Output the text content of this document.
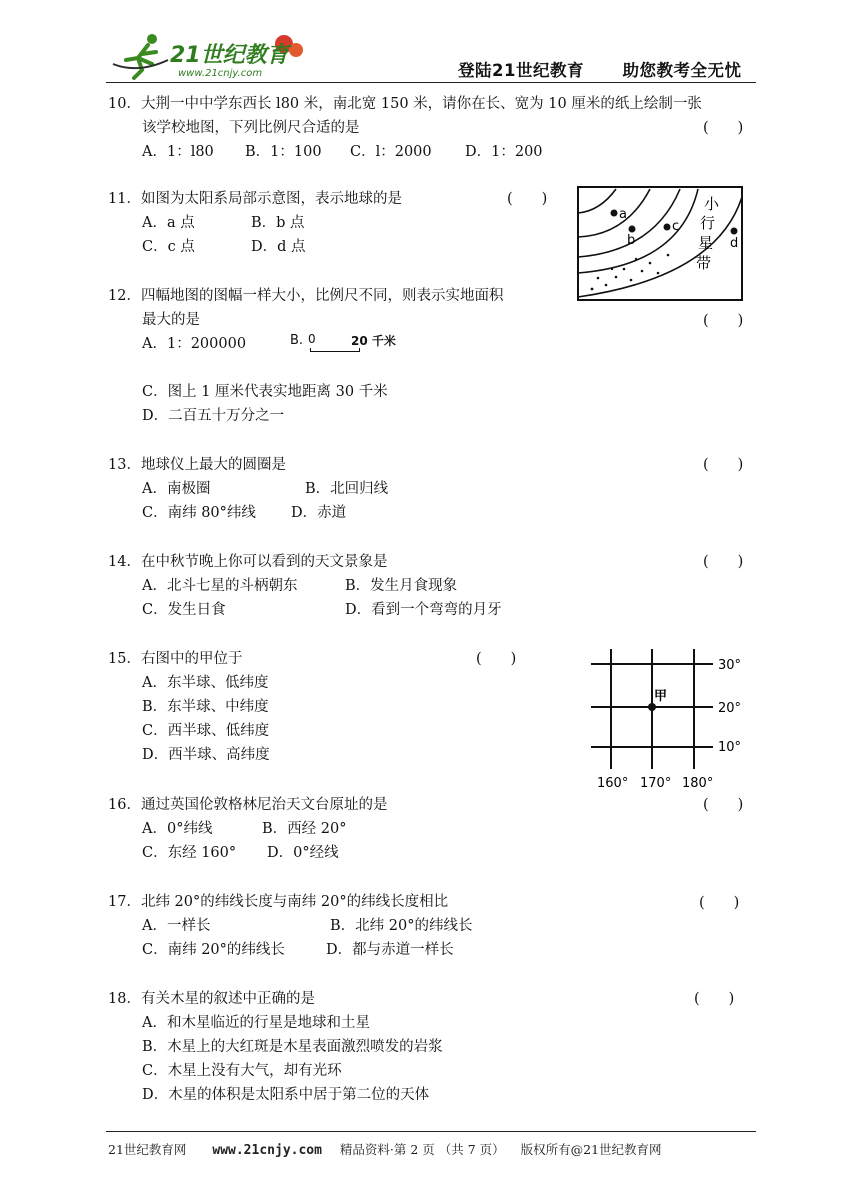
21世纪教育
www.21cnjy.com	登陆21世纪教育 助您教考全无忧
10．大荆一中中学东西长 l80 米，南北宽 150 米，请你在长、宽为 10 厘米的纸上绘制一张
该学校地图，下列比例尺合适的是	(　　)
A．1：l80 B．1：100 C．l：2000 D．1：200
11．如图为太阳系局部示意图，表示地球的是	(　　)
A．a 点	B．b 点
C．c 点	D．d 点
a
b
c
d
小
行
星
带
12．四幅地图的图幅一样大小，比例尺不同，则表示实地面积
最大的是	(　　)
A．1：200000	B. 0	20 千米
C．图上 1 厘米代表实地距离 30 千米
D．二百五十万分之一
13．地球仪上最大的圆圈是	(　　)
A．南极圈	B．北回归线
C．南纬 80°纬线 D．赤道
14．在中秋节晚上你可以看到的天文景象是	(　　)
A．北斗七星的斗柄朝东	B．发生月食现象
C．发生日食	D．看到一个弯弯的月牙
15．右图中的甲位于	(　　)
A．东半球、低纬度
B．东半球、中纬度
C．西半球、低纬度
D．西半球、高纬度
甲
30°
20°
10°
160° 170° 180°
16．通过英国伦敦格林尼治天文台原址的是	(　　)
A．0°纬线	B．西经 20°
C．东经 160° D．0°经线
17．北纬 20°的纬线长度与南纬 20°的纬线长度相比	(　　)
A．一样长	B．北纬 20°的纬线长
C．南纬 20°的纬线长	D．都与赤道一样长
18．有关木星的叙述中正确的是	(　　)
A．和木星临近的行星是地球和土星
B．木星上的大红斑是木星表面激烈喷发的岩浆
C．木星上没有大气，却有光环
D．木星的体积是太阳系中居于第二位的天体
21世纪教育网 www.21cnjy.com 精品资料·第 2 页 （共 7 页） 版权所有@21世纪教育网
